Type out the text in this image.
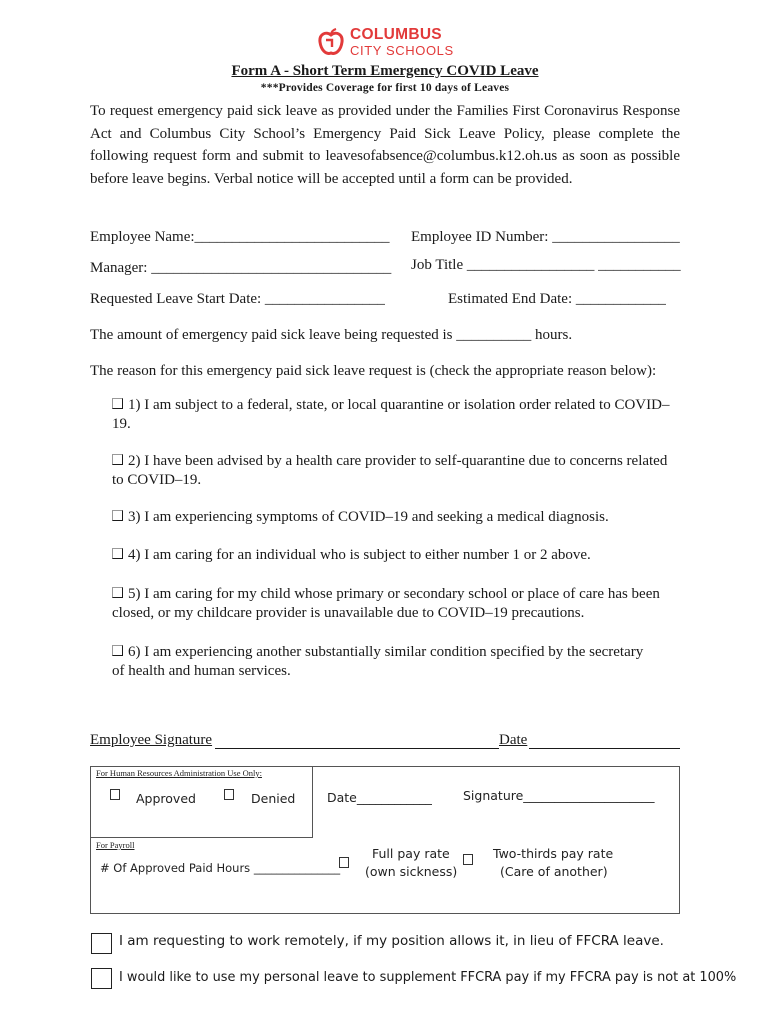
COLUMBUS
CITY SCHOOLS
Form A - Short Term Emergency COVID Leave
***Provides Coverage for first 10 days of Leaves
To request emergency paid sick leave as provided under the Families First Coronavirus Response Act and Columbus City School’s Emergency Paid Sick Leave Policy, please complete the following request form and submit to leavesofabsence@columbus.k12.oh.us as soon as possible before leave begins. Verbal notice will be accepted until a form can be provided.
Employee Name:__________________________ Employee ID Number: _________________
Manager: ________________________________ Job Title _________________ ___________
Requested Leave Start Date: ________________	Estimated End Date: ____________
The amount of emergency paid sick leave being requested is __________ hours.
The reason for this emergency paid sick leave request is (check the appropriate reason below):
1) I am subject to a federal, state, or local quarantine or isolation order related to COVID–
19.
2) I have been advised by a health care provider to self-quarantine due to concerns related
to COVID–19.
3) I am experiencing symptoms of COVID–19 and seeking a medical diagnosis.
4) I am caring for an individual who is subject to either number 1 or 2 above.
5) I am caring for my child whose primary or secondary school or place of care has been
closed, or my childcare provider is unavailable due to COVID–19 precautions.
6) I am experiencing another substantially similar condition specified by the secretary
of health and human services.
Employee Signature	Date
For Human Resources Administration Use Only:
Approved	Denied	Date____________ Signature_____________________
For Payroll
# Of Approved Paid Hours _______________
Full pay rate
(own sickness)
Two-thirds pay rate
(Care of another)
I am requesting to work remotely, if my position allows it, in lieu of FFCRA leave.
I would like to use my personal leave to supplement FFCRA pay if my FFCRA pay is not at 100%
